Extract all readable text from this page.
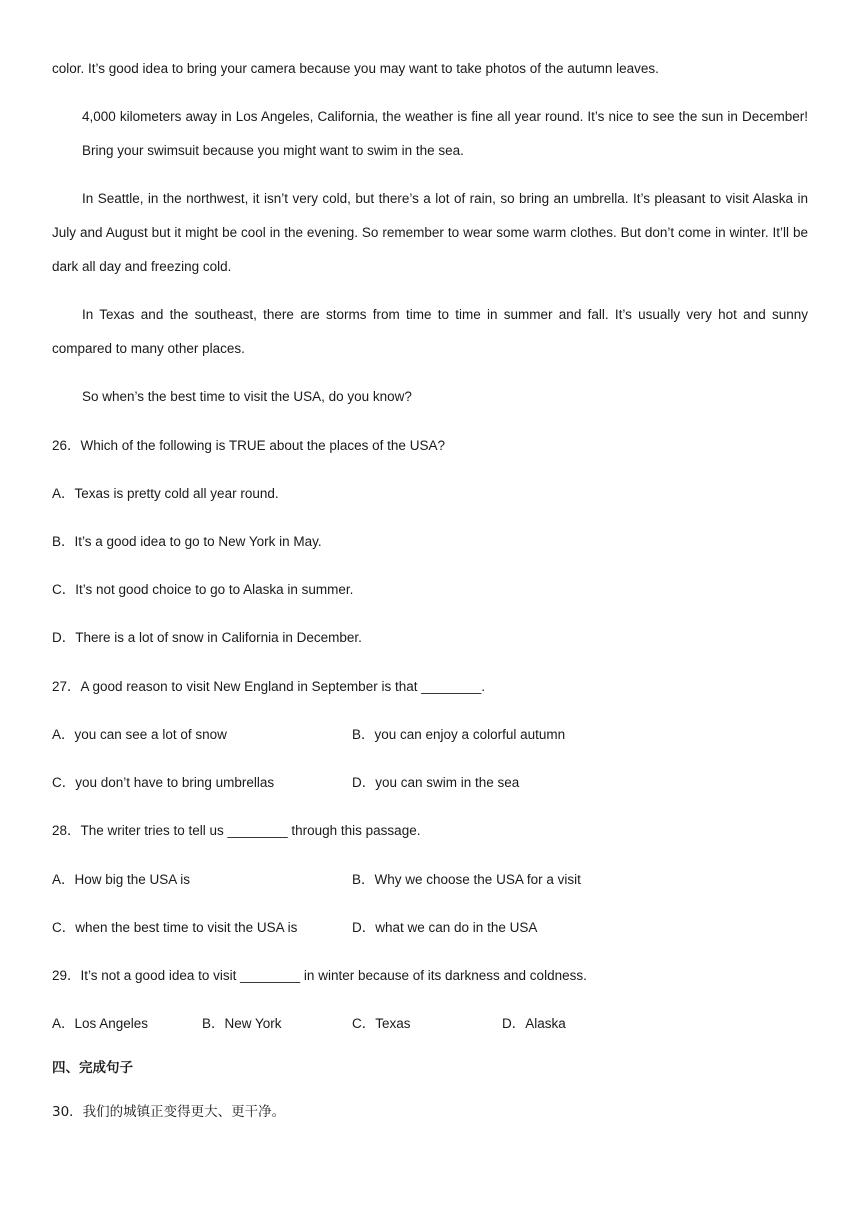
color. It’s good idea to bring your camera because you may want to take photos of the autumn leaves.
4,000 kilometers away in Los Angeles, California, the weather is fine all year round. It’s nice to see the sun in December! Bring your swimsuit because you might want to swim in the sea.
In Seattle, in the northwest, it isn’t very cold, but there’s a lot of rain, so bring an umbrella. It’s pleasant to visit Alaska in July and August but it might be cool in the evening. So remember to wear some warm clothes. But don’t come in winter. It’ll be dark all day and freezing cold.
In Texas and the southeast, there are storms from time to time in summer and fall. It’s usually very hot and sunny compared to many other places.
So when’s the best time to visit the USA, do you know?
26．Which of the following is TRUE about the places of the USA?
A．Texas is pretty cold all year round.
B．It’s a good idea to go to New York in May.
C．It’s not good choice to go to Alaska in summer.
D．There is a lot of snow in California in December.
27．A good reason to visit New England in September is that ________.
A．you can see a lot of snow	B．you can enjoy a colorful autumn
C．you don’t have to bring umbrellas	D．you can swim in the sea
28．The writer tries to tell us ________ through this passage.
A．How big the USA is	B．Why we choose the USA for a visit
C．when the best time to visit the USA is	D．what we can do in the USA
29．It’s not a good idea to visit ________ in winter because of its darkness and coldness.
A．Los Angeles	B．New York	C．Texas	D．Alaska
四、完成句子
30．我们的城镇正变得更大、更干净。
